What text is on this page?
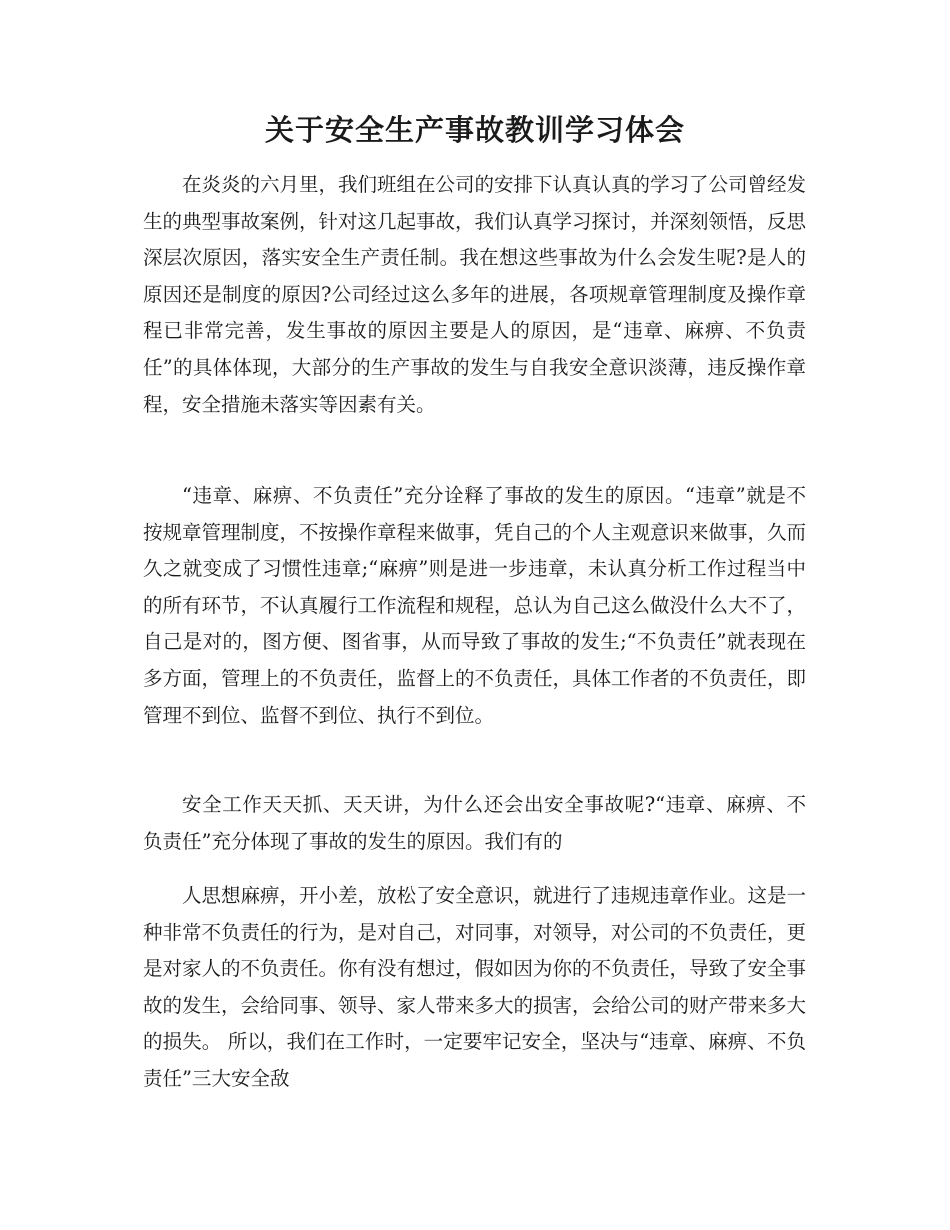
关于安全生产事故教训学习体会

在炎炎的六月里，我们班组在公司的安排下认真认真的学习了公司曾经发生的典型事故案例，针对这几起事故，我们认真学习探讨，并深刻领悟，反思深层次原因，落实安全生产责任制。我在想这些事故为什么会发生呢?是人的原因还是制度的原因?公司经过这么多年的进展，各项规章管理制度及操作章程已非常完善，发生事故的原因主要是人的原因，是“违章、麻痹、不负责任”的具体体现，大部分的生产事故的发生与自我安全意识淡薄，违反操作章程，安全措施未落实等因素有关。

“违章、麻痹、不负责任”充分诠释了事故的发生的原因。“违章”就是不按规章管理制度，不按操作章程来做事，凭自己的个人主观意识来做事，久而久之就变成了习惯性违章;“麻痹”则是进一步违章，未认真分析工作过程当中的所有环节，不认真履行工作流程和规程，总认为自己这么做没什么大不了，自己是对的，图方便、图省事，从而导致了事故的发生;“不负责任”就表现在多方面，管理上的不负责任，监督上的不负责任，具体工作者的不负责任，即管理不到位、监督不到位、执行不到位。

安全工作天天抓、天天讲，为什么还会出安全事故呢?“违章、麻痹、不负责任”充分体现了事故的发生的原因。我们有的

人思想麻痹，开小差，放松了安全意识，就进行了违规违章作业。这是一种非常不负责任的行为，是对自己，对同事，对领导，对公司的不负责任，更是对家人的不负责任。你有没有想过，假如因为你的不负责任，导致了安全事故的发生，会给同事、领导、家人带来多大的损害，会给公司的财产带来多大的损失。 所以，我们在工作时，一定要牢记安全，坚决与“违章、麻痹、不负责任”三大安全敌
